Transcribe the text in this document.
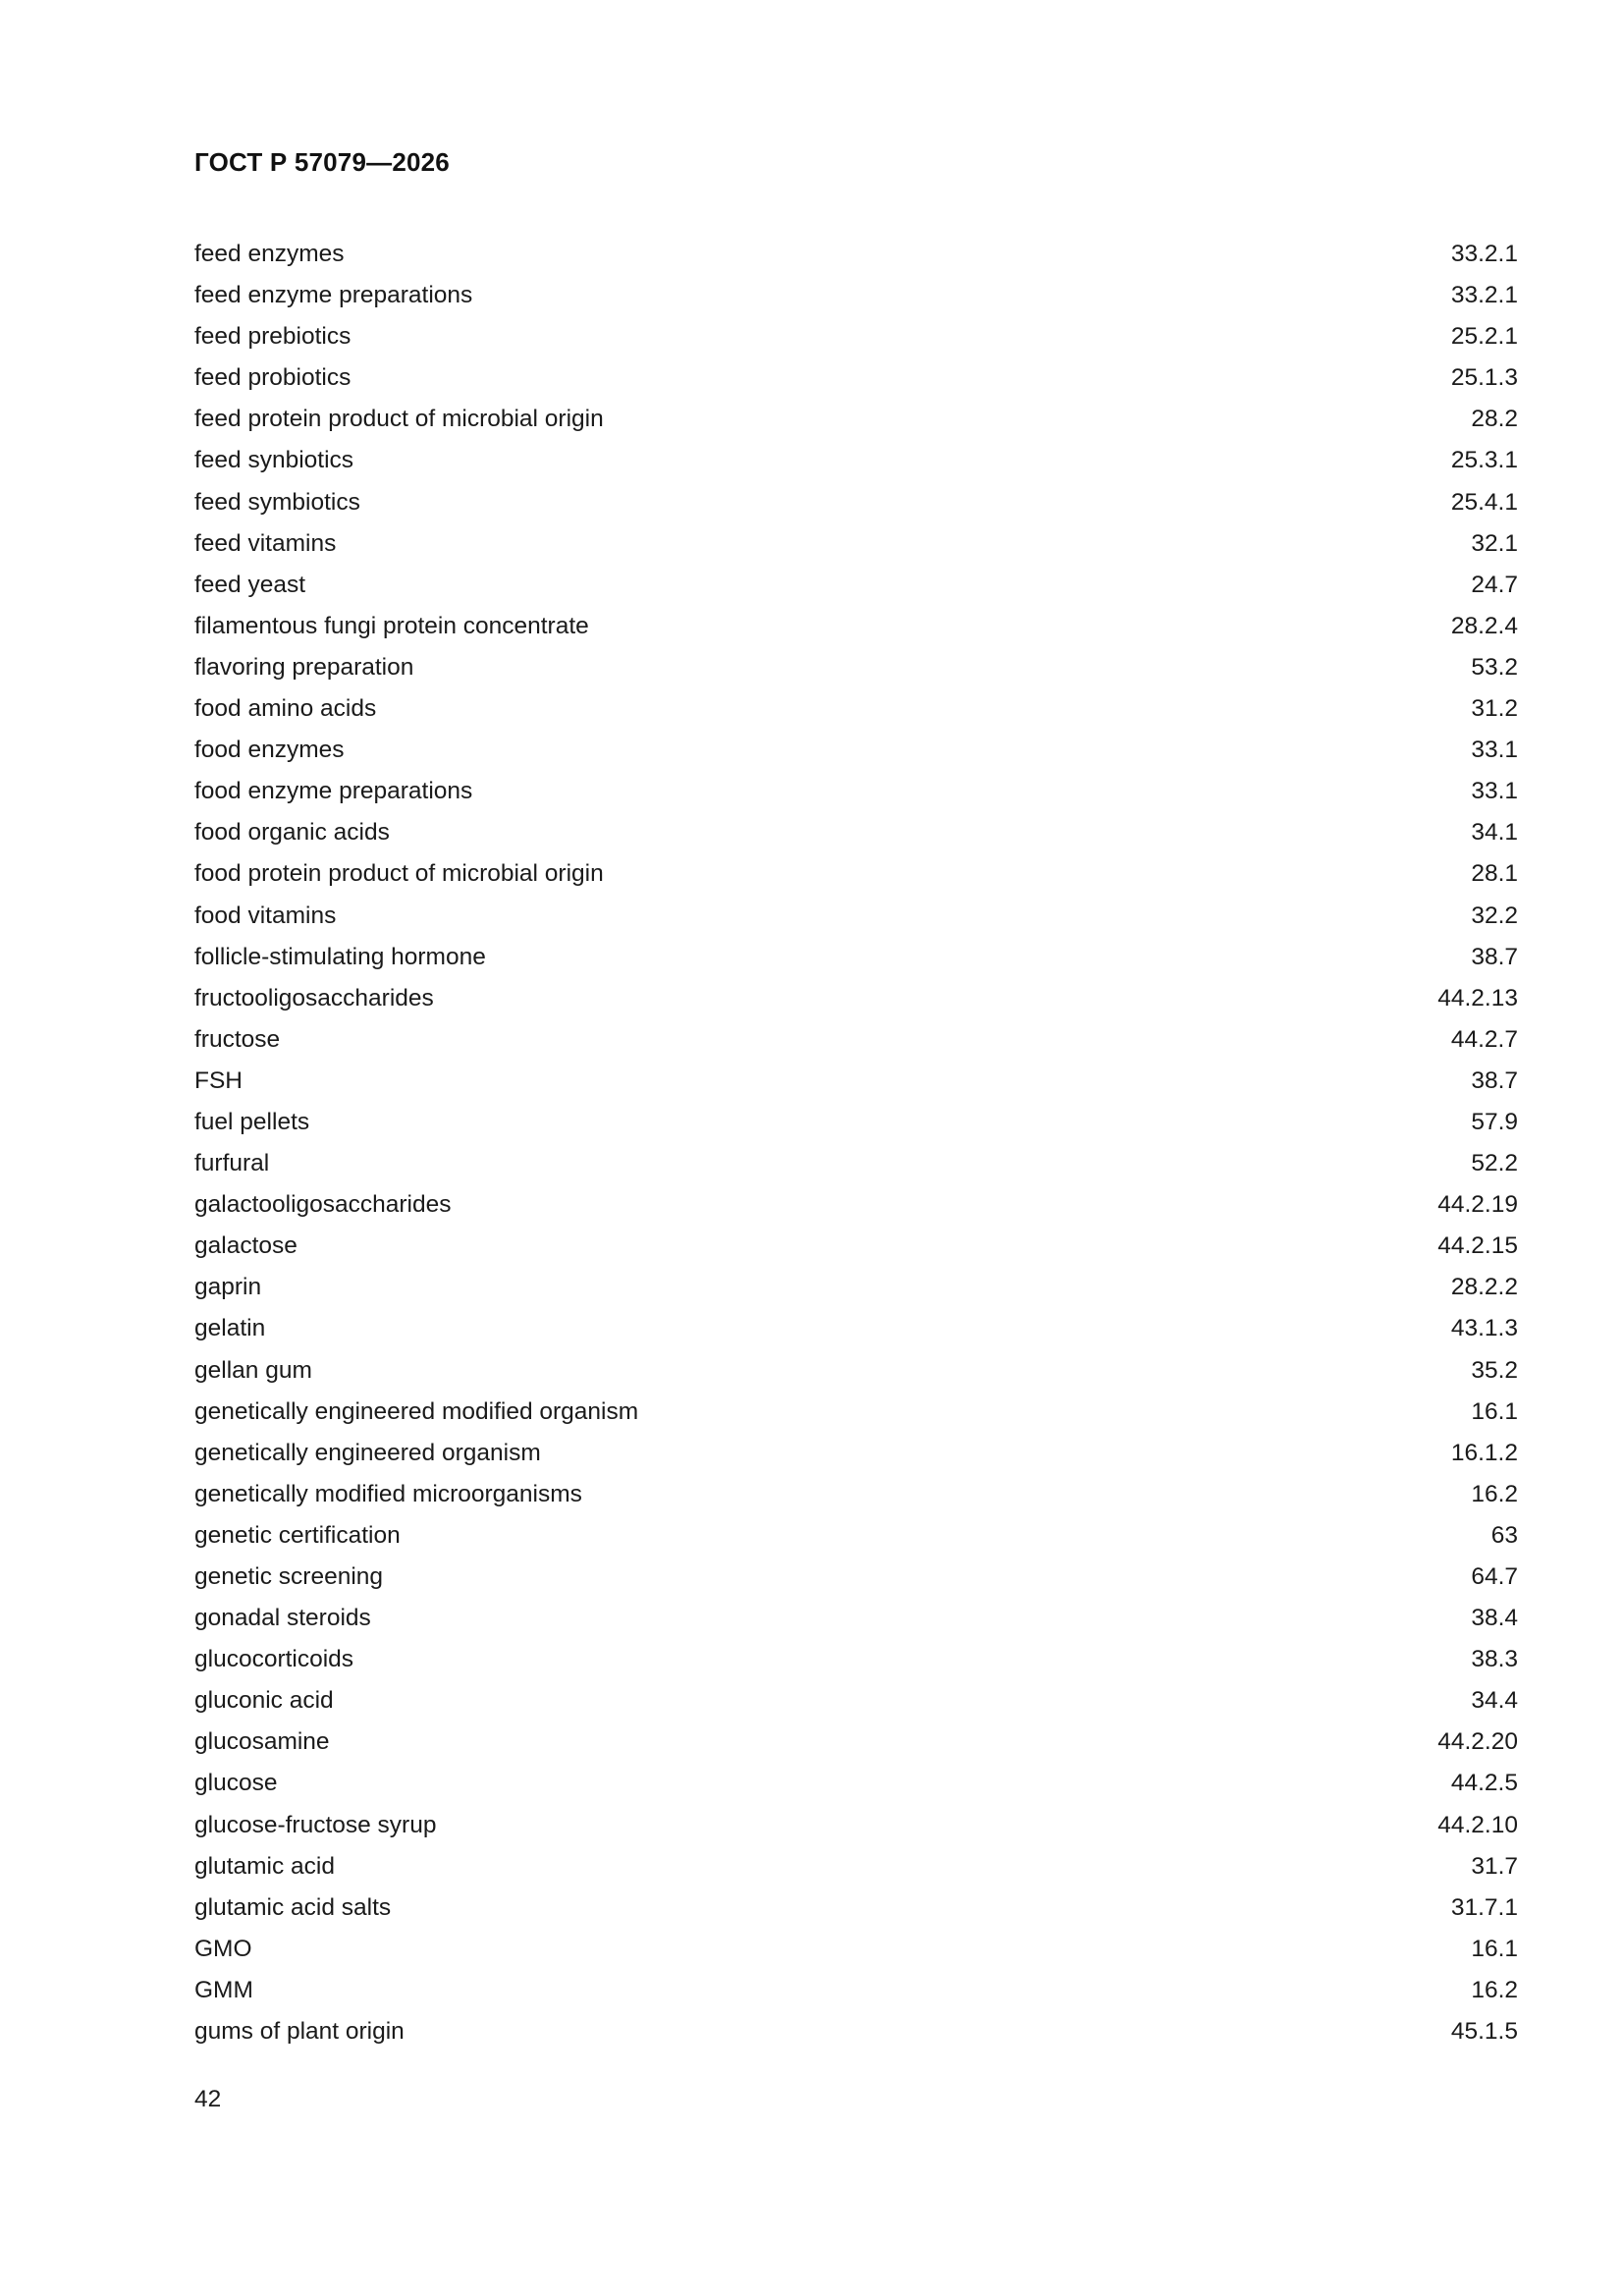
ГОСТ Р 57079—2026
feed enzymes	33.2.1
feed enzyme preparations	33.2.1
feed prebiotics	25.2.1
feed probiotics	25.1.3
feed protein product of microbial origin	28.2
feed synbiotics	25.3.1
feed symbiotics	25.4.1
feed vitamins	32.1
feed yeast	24.7
filamentous fungi protein concentrate	28.2.4
flavoring preparation	53.2
food amino acids	31.2
food enzymes	33.1
food enzyme preparations	33.1
food organic acids	34.1
food protein product of microbial origin	28.1
food vitamins	32.2
follicle-stimulating hormone	38.7
fructooligosaccharides	44.2.13
fructose	44.2.7
FSH	38.7
fuel pellets	57.9
furfural	52.2
galactooligosaccharides	44.2.19
galactose	44.2.15
gaprin	28.2.2
gelatin	43.1.3
gellan gum	35.2
genetically engineered modified organism	16.1
genetically engineered organism	16.1.2
genetically modified microorganisms	16.2
genetic certification	63
genetic screening	64.7
gonadal steroids	38.4
glucocorticoids	38.3
gluconic acid	34.4
glucosamine	44.2.20
glucose	44.2.5
glucose-fructose syrup	44.2.10
glutamic acid	31.7
glutamic acid salts	31.7.1
GMO	16.1
GMM	16.2
gums of plant origin	45.1.5
42
